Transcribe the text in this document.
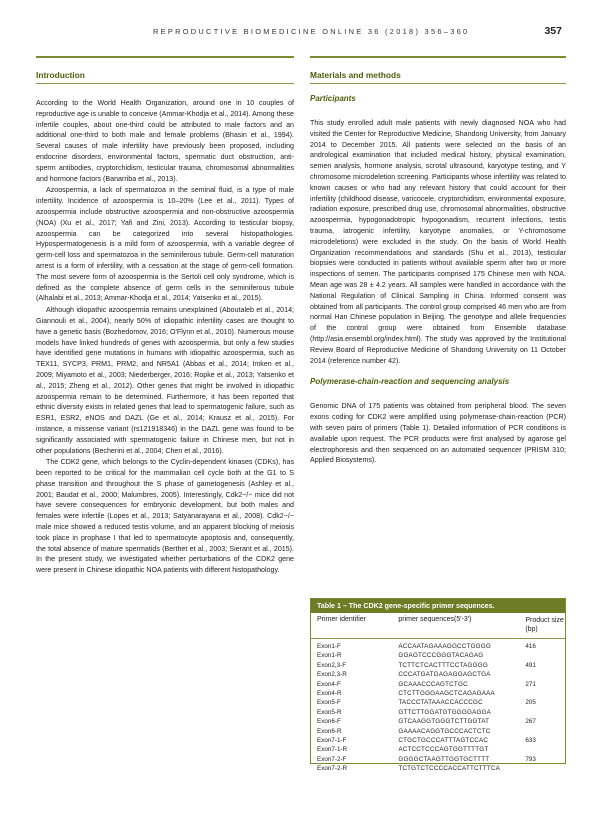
REPRODUCTIVE BIOMEDICINE ONLINE 36 (2018) 356–360	357
Introduction

According to the World Health Organization, around one in 10 couples of reproductive age is unable to conceive (Ammar-Khodja et al., 2014). Among these infertile couples, about one-third could be attributed to male factors and an additional one-third to both male and female problems (Bhasin et al., 1994). Several causes of male infertility have previously been proposed, including endocrine disorders, environmental factors, spermatic duct obstruction, anti-sperm antibodies, cryptorchidism, testicular trauma, chromosomal abnormalities and hormone factors (Banarriba et al., 2013).

Azoospermia, a lack of spermatozoa in the seminal fluid, is a type of male infertility. Incidence of azoospermia is 10–20% (Lee et al., 2011). Types of azoospermia include obstructive azoospermia and non-obstructive azoospermia (NOA) (Xu et al., 2017; Yafi and Zini, 2013). According to testicular biopsy, azoospermia can be categorized into several histopathologies. Hypospermatogenesis is a mild form of azoospermia, with a variable degree of germ-cell loss and spermatozoa in the seminiferous tubule. Germ-cell maturation arrest is a form of infertility, with a cessation at the stage of germ-cell formation. The most severe form of azoospermia is the Sertoli cell only syndrome, which is defined as the complete absence of germ cells in the seminiferous tubule (Alhalabi et al., 2013; Ammar-Khodja et al., 2014; Yatsenko et al., 2015).

Although idiopathic azoospermia remains unexplained (Aboutaleb et al., 2014; Giannouli et al., 2004), nearly 50% of idiopathic infertility cases are thought to have a genetic basis (Bozhedomov, 2016; O'Flynn et al., 2010). Numerous mouse models have linked hundreds of genes with azoospermia, but only a few studies have identified gene mutations in humans with idiopathic azoospermia, such as TEX11, SYCP3, PRM1, PRM2, and NR5A1 (Abbas et al., 2014; Imken et al., 2009; Miyamoto et al., 2003; Niederberger, 2016; Ropke et al., 2013; Yatsenko et al., 2015; Zheng et al., 2012). Other genes that might be involved in idiopathic azoospermia remain to be determined. Furthermore, it has been reported that ethnic diversity exists in related genes that lead to spermatogenic failure, such as ESR1, ESR2, eNOS and DAZL (Ge et al., 2014; Krausz et al., 2015). For instance, a missense variant (rs121918346) in the DAZL gene was found to be significantly associated with spermatogenic failure in Chinese men, but not in other populations (Becherini et al., 2004; Chen et al., 2016).

The CDK2 gene, which belongs to the Cyclin-dependent kinases (CDKs), has been reported to be critical for the mammalian cell cycle both at the G1 to S phase transition and throughout the S phase of gametogenesis (Ashley et al., 2001; Baudat et al., 2000; Malumbres, 2005). Interestingly, Cdk2−/− mice did not have severe consequences for embryonic development, but both males and females were infertile (Lopes et al., 2013; Satyanarayana et al., 2008). Cdk2−/− male mice showed a reduced testis volume, and an apparent blocking of meiosis took place in prophase I that led to spermatocyte apoptosis and, consequently, the total absence of mature spermatids (Berthet et al., 2003; Sierant et al., 2015). In the present study, we investigated whether perturbations of the CDK2 gene were present in Chinese idiopathic NOA patients with different histopathology.

Materials and methods
Participants

This study enrolled adult male patients with newly diagnosed NOA who had visited the Center for Reproductive Medicine, Shandong University, from January 2014 to December 2015. All patients were selected on the basis of an andrological examination that included medical history, physical examination, semen analysis, hormone analysis, scrotal ultrasound, karyotype testing, and Y chromosome microdeletion screening. Participants whose infertility was related to known causes or who had any relevant history that could account for their infertility (childhood disease, varicocele, cryptorchidism, environmental exposure, radiation exposure, prescribed drug use, chromosomal abnormalities, obstructive azoospermia, hypogonadotropic hypogonadism, recurrent infections, testis trauma, iatrogenic infertility, karyotype anomalies, or Y-chromosome microdeletions) were excluded in the study. On the basis of World Health Organization recommendations and standards (Shu et al., 2013), testicular biopsies were conducted in patients without available sperm after two or more inspections of semen. The participants comprised 175 Chinese men with NOA. Mean age was 28 ± 4.2 years. All samples were handled in accordance with the National Regulation of Clinical Sampling in China. Informed consent was obtained from all participants. The control group comprised 46 men who are from normal Han Chinese population in Beijing. The genotype and allele frequencies of the control group were obtained from Ensemble database (http://asia.ensembl.org/index.html). The study was approved by the Institutional Review Board of Reproductive Medicine of Shandong University on 11 October 2014 (reference number 42).

Polymerase-chain-reaction and sequencing analysis

Genomic DNA of 175 patients was obtained from peripheral blood. The seven exons coding for CDK2 were amplified using polymerase-chain-reaction (PCR) with seven pairs of primers (Table 1). Detailed information of PCR conditions is available upon request. The PCR products were first analysed by agarose gel electrophoresis and then sequenced on an automated sequencer (PRISM 310; Applied Biosystems).

Table 1 – The CDK2 gene-specific primer sequences.
Primer identifier	primer sequences(5′-3′)	Product size (bp)
Exon1-F	ACCAATAGAAAGGCCTGGGG	416
Exon1-R	GGAGTCCCGGGTACAGAG
Exon2,3-F	TCTTCTCACTTTCCTAGGGG	491
Exon2,3-R	CCCATGATGAGAGGAGCTGA
Exon4-F	GCAAACCCAGTCTGC	271
Exon4-R	CTCTTGGGAAGCTCAGAGAAA
Exon5-F	TACCCTATAAACCACCCGC	205
Exon5-R	GTTCTTGGATGTGGGGAGGA
Exon6-F	GTCAAGGTGGGTCTTGGTAT	267
Exon6-R	GAAAACAGGTGCCCACTCTC
Exon7-1-F	CTGCTGCCCATTTAGTCCAC	633
Exon7-1-R	ACTCCTCCCAGTGGTTTTGT
Exon7-2-F	GGGGCTAAGTTGGTGCTTTT	793
Exon7-2-R	TCTGTCTCCCCACCATTCTTTCA
